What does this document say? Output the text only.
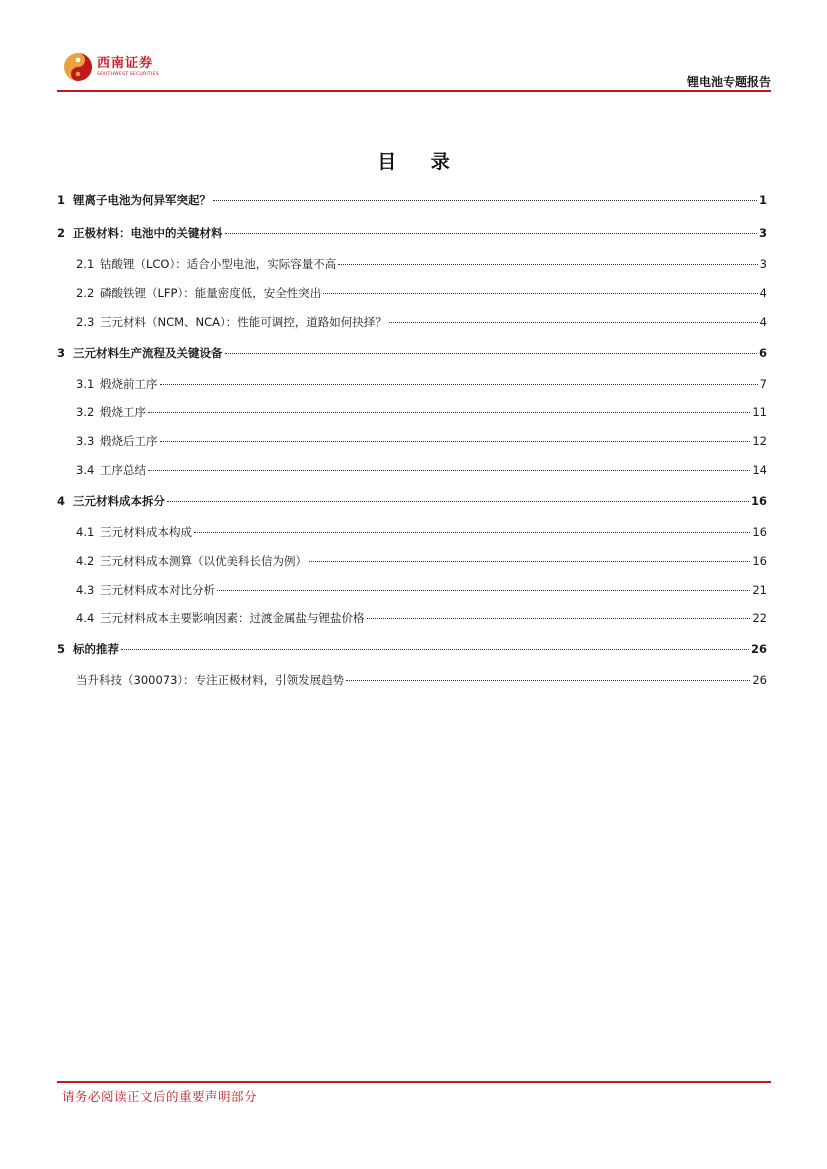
西南证券
SOUTHWEST SECURITIES
锂电池专题报告
目 录
1 锂离子电池为何异军突起？	1
2 正极材料：电池中的关键材料	3
2.1 钴酸锂（LCO）：适合小型电池，实际容量不高	3
2.2 磷酸铁锂（LFP）：能量密度低，安全性突出	4
2.3 三元材料（NCM、NCA）：性能可调控，道路如何抉择？	4
3 三元材料生产流程及关键设备	6
3.1 煅烧前工序	7
3.2 煅烧工序	11
3.3 煅烧后工序	12
3.4 工序总结	14
4 三元材料成本拆分	16
4.1 三元材料成本构成	16
4.2 三元材料成本测算（以优美科长信为例）	16
4.3 三元材料成本对比分析	21
4.4 三元材料成本主要影响因素：过渡金属盐与锂盐价格	22
5 标的推荐	26
当升科技（300073）：专注正极材料，引领发展趋势	26
请务必阅读正文后的重要声明部分
